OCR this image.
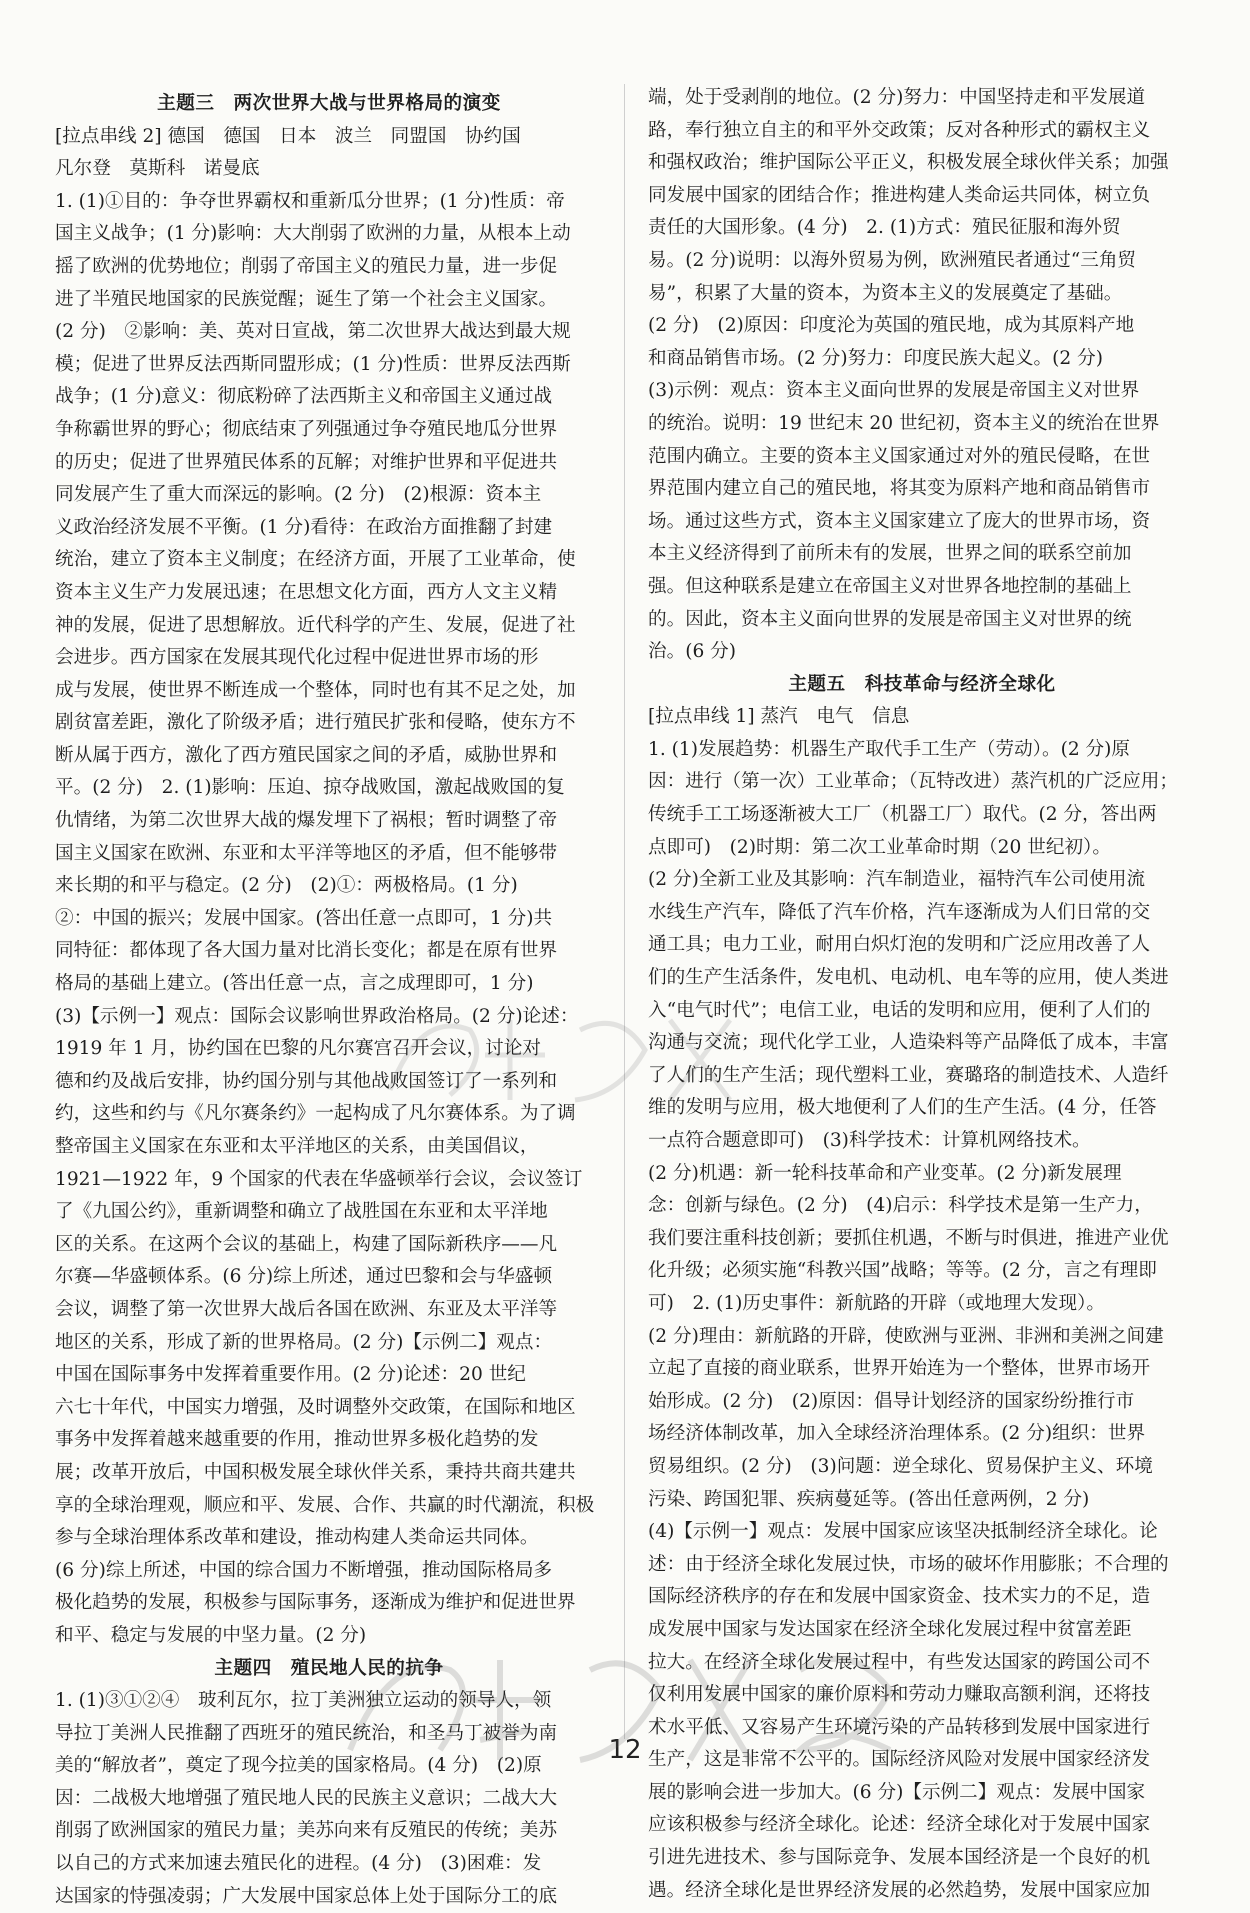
主题三　两次世界大战与世界格局的演变
[拉点串线 2] 德国　德国　日本　波兰　同盟国　协约国
凡尔登　莫斯科　诺曼底
1. (1)①目的：争夺世界霸权和重新瓜分世界；(1 分)性质：帝
国主义战争；(1 分)影响：大大削弱了欧洲的力量，从根本上动
摇了欧洲的优势地位；削弱了帝国主义的殖民力量，进一步促
进了半殖民地国家的民族觉醒；诞生了第一个社会主义国家。
(2 分)　②影响：美、英对日宣战，第二次世界大战达到最大规
模；促进了世界反法西斯同盟形成；(1 分)性质：世界反法西斯
战争；(1 分)意义：彻底粉碎了法西斯主义和帝国主义通过战
争称霸世界的野心；彻底结束了列强通过争夺殖民地瓜分世界
的历史；促进了世界殖民体系的瓦解；对维护世界和平促进共
同发展产生了重大而深远的影响。(2 分)　(2)根源：资本主
义政治经济发展不平衡。(1 分)看待：在政治方面推翻了封建
统治，建立了资本主义制度；在经济方面，开展了工业革命，使
资本主义生产力发展迅速；在思想文化方面，西方人文主义精
神的发展，促进了思想解放。近代科学的产生、发展，促进了社
会进步。西方国家在发展其现代化过程中促进世界市场的形
成与发展，使世界不断连成一个整体，同时也有其不足之处，加
剧贫富差距，激化了阶级矛盾；进行殖民扩张和侵略，使东方不
断从属于西方，激化了西方殖民国家之间的矛盾，威胁世界和
平。(2 分)　2. (1)影响：压迫、掠夺战败国，激起战败国的复
仇情绪，为第二次世界大战的爆发埋下了祸根；暂时调整了帝
国主义国家在欧洲、东亚和太平洋等地区的矛盾，但不能够带
来长期的和平与稳定。(2 分)　(2)①：两极格局。(1 分)
②：中国的振兴；发展中国家。(答出任意一点即可，1 分)共
同特征：都体现了各大国力量对比消长变化；都是在原有世界
格局的基础上建立。(答出任意一点，言之成理即可，1 分)
(3)【示例一】观点：国际会议影响世界政治格局。(2 分)论述：
1919 年 1 月，协约国在巴黎的凡尔赛宫召开会议，讨论对
德和约及战后安排，协约国分别与其他战败国签订了一系列和
约，这些和约与《凡尔赛条约》一起构成了凡尔赛体系。为了调
整帝国主义国家在东亚和太平洋地区的关系，由美国倡议，
1921—1922 年，9 个国家的代表在华盛顿举行会议，会议签订
了《九国公约》，重新调整和确立了战胜国在东亚和太平洋地
区的关系。在这两个会议的基础上，构建了国际新秩序——凡
尔赛—华盛顿体系。(6 分)综上所述，通过巴黎和会与华盛顿
会议，调整了第一次世界大战后各国在欧洲、东亚及太平洋等
地区的关系，形成了新的世界格局。(2 分)【示例二】观点：
中国在国际事务中发挥着重要作用。(2 分)论述：20 世纪
六七十年代，中国实力增强，及时调整外交政策，在国际和地区
事务中发挥着越来越重要的作用，推动世界多极化趋势的发
展；改革开放后，中国积极发展全球伙伴关系，秉持共商共建共
享的全球治理观，顺应和平、发展、合作、共赢的时代潮流，积极
参与全球治理体系改革和建设，推动构建人类命运共同体。
(6 分)综上所述，中国的综合国力不断增强，推动国际格局多
极化趋势的发展，积极参与国际事务，逐渐成为维护和促进世界
和平、稳定与发展的中坚力量。(2 分)
主题四　殖民地人民的抗争
1. (1)③①②④　玻利瓦尔，拉丁美洲独立运动的领导人，领
导拉丁美洲人民推翻了西班牙的殖民统治，和圣马丁被誉为南
美的“解放者”，奠定了现今拉美的国家格局。(4 分)　(2)原
因：二战极大地增强了殖民地人民的民族主义意识；二战大大
削弱了欧洲国家的殖民力量；美苏向来有反殖民的传统；美苏
以自己的方式来加速去殖民化的进程。(4 分)　(3)困难：发
达国家的恃强凌弱；广大发展中国家总体上处于国际分工的底
端，处于受剥削的地位。(2 分)努力：中国坚持走和平发展道
路，奉行独立自主的和平外交政策；反对各种形式的霸权主义
和强权政治；维护国际公平正义，积极发展全球伙伴关系；加强
同发展中国家的团结合作；推进构建人类命运共同体，树立负
责任的大国形象。(4 分)　2. (1)方式：殖民征服和海外贸
易。(2 分)说明：以海外贸易为例，欧洲殖民者通过“三角贸
易”，积累了大量的资本，为资本主义的发展奠定了基础。
(2 分)　(2)原因：印度沦为英国的殖民地，成为其原料产地
和商品销售市场。(2 分)努力：印度民族大起义。(2 分)
(3)示例：观点：资本主义面向世界的发展是帝国主义对世界
的统治。说明：19 世纪末 20 世纪初，资本主义的统治在世界
范围内确立。主要的资本主义国家通过对外的殖民侵略，在世
界范围内建立自己的殖民地，将其变为原料产地和商品销售市
场。通过这些方式，资本主义国家建立了庞大的世界市场，资
本主义经济得到了前所未有的发展，世界之间的联系空前加
强。但这种联系是建立在帝国主义对世界各地控制的基础上
的。因此，资本主义面向世界的发展是帝国主义对世界的统
治。(6 分)
主题五　科技革命与经济全球化
[拉点串线 1] 蒸汽　电气　信息
1. (1)发展趋势：机器生产取代手工生产（劳动）。(2 分)原
因：进行（第一次）工业革命；（瓦特改进）蒸汽机的广泛应用；
传统手工工场逐渐被大工厂（机器工厂）取代。(2 分，答出两
点即可)　(2)时期：第二次工业革命时期（20 世纪初）。
(2 分)全新工业及其影响：汽车制造业，福特汽车公司使用流
水线生产汽车，降低了汽车价格，汽车逐渐成为人们日常的交
通工具；电力工业，耐用白炽灯泡的发明和广泛应用改善了人
们的生产生活条件，发电机、电动机、电车等的应用，使人类进
入“电气时代”；电信工业，电话的发明和应用，便利了人们的
沟通与交流；现代化学工业，人造染料等产品降低了成本，丰富
了人们的生产生活；现代塑料工业，赛璐珞的制造技术、人造纤
维的发明与应用，极大地便利了人们的生产生活。(4 分，任答
一点符合题意即可)　(3)科学技术：计算机网络技术。
(2 分)机遇：新一轮科技革命和产业变革。(2 分)新发展理
念：创新与绿色。(2 分)　(4)启示：科学技术是第一生产力，
我们要注重科技创新；要抓住机遇，不断与时俱进，推进产业优
化升级；必须实施“科教兴国”战略；等等。(2 分，言之有理即
可)　2. (1)历史事件：新航路的开辟（或地理大发现）。
(2 分)理由：新航路的开辟，使欧洲与亚洲、非洲和美洲之间建
立起了直接的商业联系，世界开始连为一个整体，世界市场开
始形成。(2 分)　(2)原因：倡导计划经济的国家纷纷推行市
场经济体制改革，加入全球经济治理体系。(2 分)组织：世界
贸易组织。(2 分)　(3)问题：逆全球化、贸易保护主义、环境
污染、跨国犯罪、疾病蔓延等。(答出任意两例，2 分)
(4)【示例一】观点：发展中国家应该坚决抵制经济全球化。论
述：由于经济全球化发展过快，市场的破坏作用膨胀；不合理的
国际经济秩序的存在和发展中国家资金、技术实力的不足，造
成发展中国家与发达国家在经济全球化发展过程中贫富差距
拉大。在经济全球化发展过程中，有些发达国家的跨国公司不
仅利用发展中国家的廉价原料和劳动力赚取高额利润，还将技
术水平低、又容易产生环境污染的产品转移到发展中国家进行
生产，这是非常不公平的。国际经济风险对发展中国家经济发
展的影响会进一步加大。(6 分)【示例二】观点：发展中国家
应该积极参与经济全球化。论述：经济全球化对于发展中国家
引进先进技术、参与国际竞争、发展本国经济是一个良好的机
遇。经济全球化是世界经济发展的必然趋势，发展中国家应加
12
